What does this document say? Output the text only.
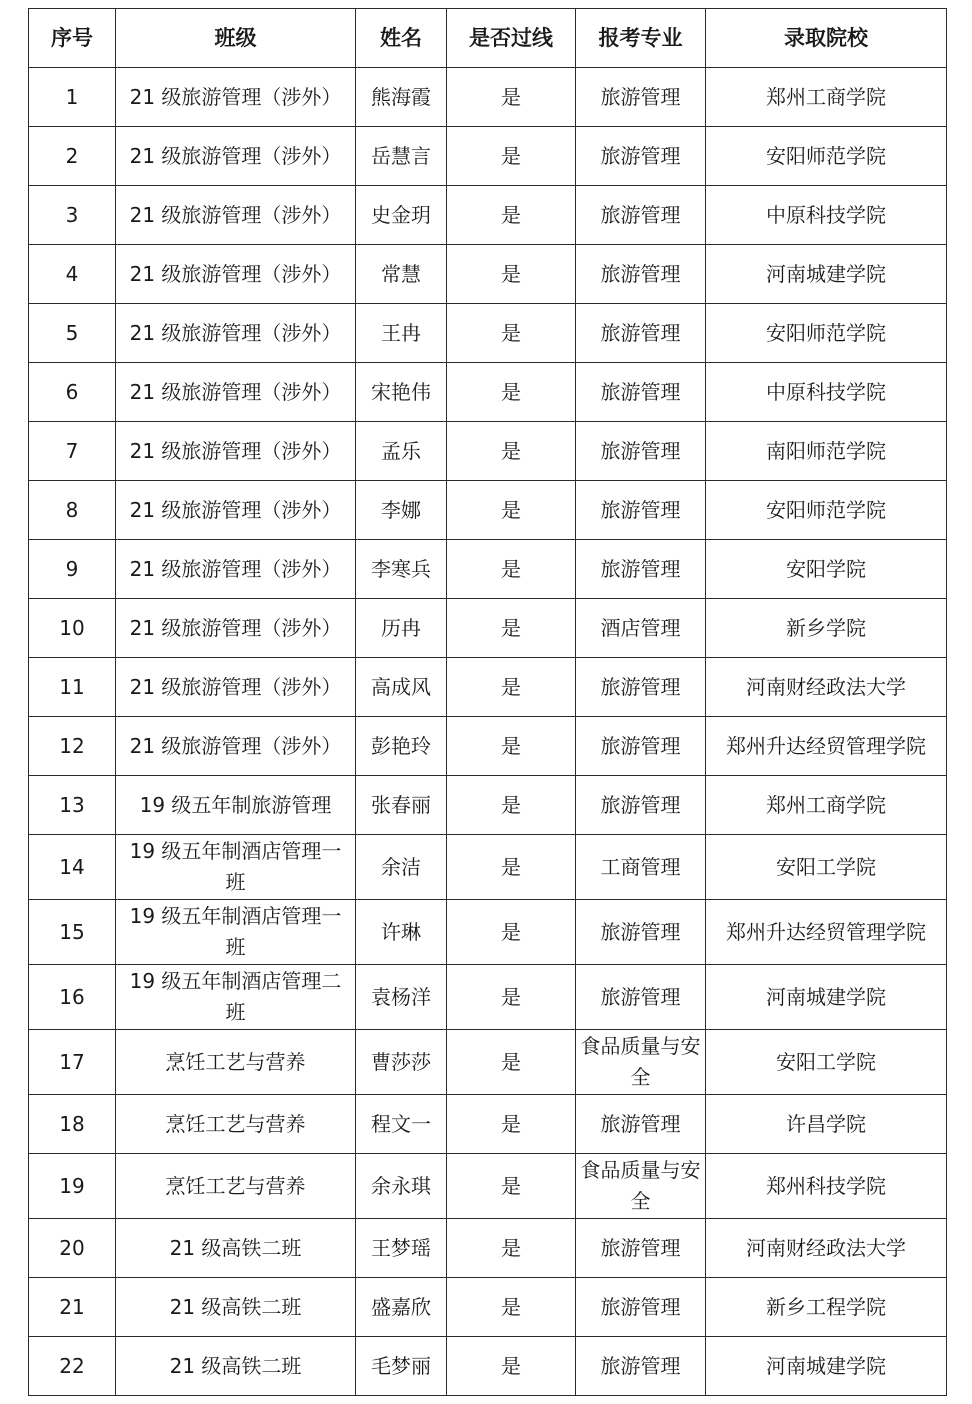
序号	班级	姓名	是否过线	报考专业	录取院校
1	21 级旅游管理（涉外）	熊海霞	是	旅游管理	郑州工商学院
2	21 级旅游管理（涉外）	岳慧言	是	旅游管理	安阳师范学院
3	21 级旅游管理（涉外）	史金玥	是	旅游管理	中原科技学院
4	21 级旅游管理（涉外）	常慧	是	旅游管理	河南城建学院
5	21 级旅游管理（涉外）	王冉	是	旅游管理	安阳师范学院
6	21 级旅游管理（涉外）	宋艳伟	是	旅游管理	中原科技学院
7	21 级旅游管理（涉外）	孟乐	是	旅游管理	南阳师范学院
8	21 级旅游管理（涉外）	李娜	是	旅游管理	安阳师范学院
9	21 级旅游管理（涉外）	李寒兵	是	旅游管理	安阳学院
10	21 级旅游管理（涉外）	历冉	是	酒店管理	新乡学院
11	21 级旅游管理（涉外）	高成风	是	旅游管理	河南财经政法大学
12	21 级旅游管理（涉外）	彭艳玲	是	旅游管理	郑州升达经贸管理学院
13	19 级五年制旅游管理	张春丽	是	旅游管理	郑州工商学院
14	19 级五年制酒店管理一班	余洁	是	工商管理	安阳工学院
15	19 级五年制酒店管理一班	许琳	是	旅游管理	郑州升达经贸管理学院
16	19 级五年制酒店管理二班	袁杨洋	是	旅游管理	河南城建学院
17	烹饪工艺与营养	曹莎莎	是	食品质量与安全	安阳工学院
18	烹饪工艺与营养	程文一	是	旅游管理	许昌学院
19	烹饪工艺与营养	余永琪	是	食品质量与安全	郑州科技学院
20	21 级高铁二班	王梦瑶	是	旅游管理	河南财经政法大学
21	21 级高铁二班	盛嘉欣	是	旅游管理	新乡工程学院
22	21 级高铁二班	毛梦丽	是	旅游管理	河南城建学院
